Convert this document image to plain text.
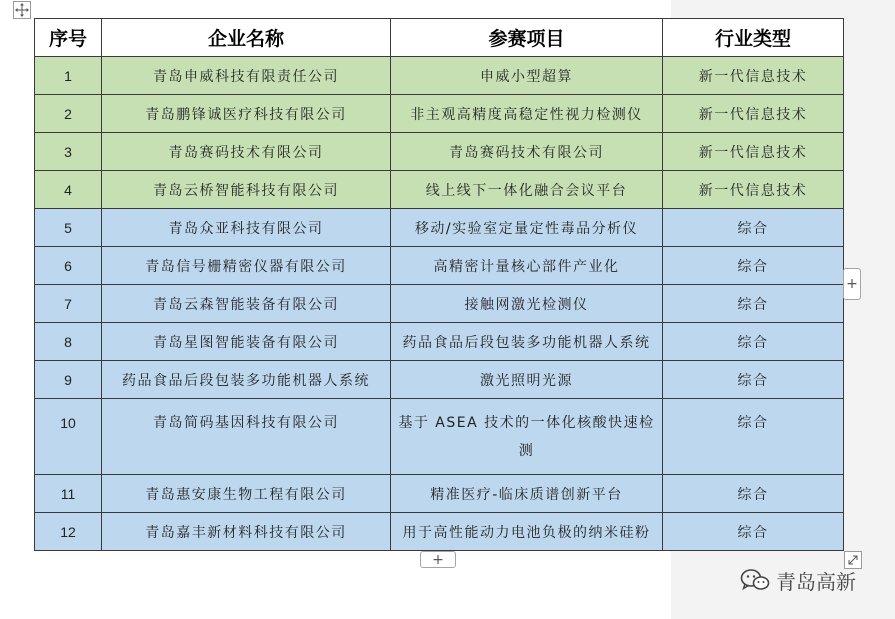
序号	企业名称	参赛项目	行业类型
1	青岛申威科技有限责任公司	申威小型超算	新一代信息技术
2	青岛鹏锋诚医疗科技有限公司	非主观高精度高稳定性视力检测仪	新一代信息技术
3	青岛赛码技术有限公司	青岛赛码技术有限公司	新一代信息技术
4	青岛云桥智能科技有限公司	线上线下一体化融合会议平台	新一代信息技术
5	青岛众亚科技有限公司	移动/实验室定量定性毒品分析仪	综合
6	青岛信号栅精密仪器有限公司	高精密计量核心部件产业化	综合
7	青岛云森智能装备有限公司	接触网激光检测仪	综合
8	青岛星图智能装备有限公司	药品食品后段包装多功能机器人系统	综合
9	药品食品后段包装多功能机器人系统	激光照明光源	综合
10	青岛简码基因科技有限公司	基于 ASEA 技术的一体化核酸快速检测	综合
11	青岛惠安康生物工程有限公司	精准医疗-临床质谱创新平台	综合
12	青岛嘉丰新材料科技有限公司	用于高性能动力电池负极的纳米硅粉	综合
+
+
青岛高新
